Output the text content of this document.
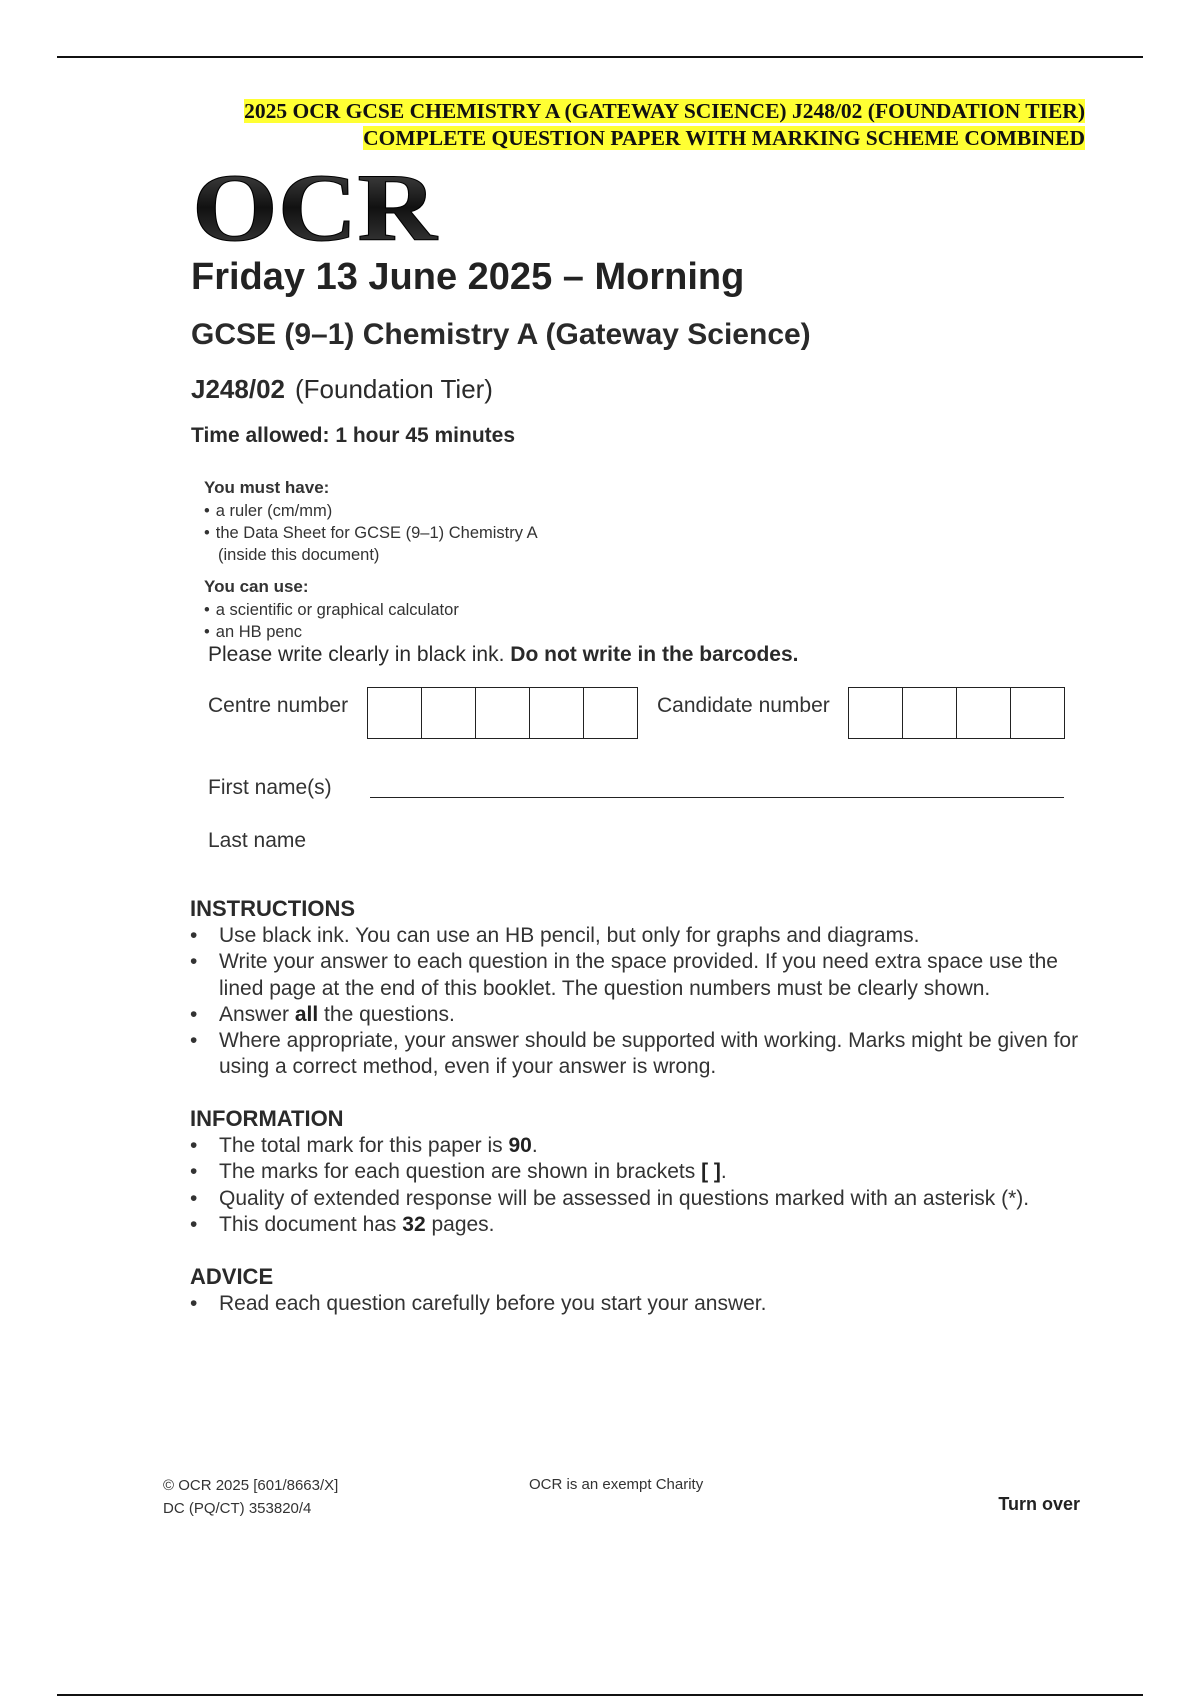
2025 OCR GCSE CHEMISTRY A (GATEWAY SCIENCE) J248/02 (FOUNDATION TIER)
COMPLETE QUESTION PAPER WITH MARKING SCHEME COMBINED
OCR
Friday 13 June 2025 – Morning
GCSE (9–1) Chemistry A (Gateway Science)
J248/02 (Foundation Tier)
Time allowed: 1 hour 45 minutes
You must have:
• a ruler (cm/mm)
• the Data Sheet for GCSE (9–1) Chemistry A
(inside this document)
You can use:
• a scientific or graphical calculator
• an HB penc
Please write clearly in black ink. Do not write in the barcodes.
Centre number	Candidate number
First name(s)
Last name
INSTRUCTIONS
• Use black ink. You can use an HB pencil, but only for graphs and diagrams.
• Write your answer to each question in the space provided. If you need extra space use the lined page at the end of this booklet. The question numbers must be clearly shown.
• Answer all the questions.
• Where appropriate, your answer should be supported with working. Marks might be given for using a correct method, even if your answer is wrong.
INFORMATION
• The total mark for this paper is 90.
• The marks for each question are shown in brackets [ ].
• Quality of extended response will be assessed in questions marked with an asterisk (*).
• This document has 32 pages.
ADVICE
• Read each question carefully before you start your answer.
© OCR 2025 [601/8663/X]
DC (PQ/CT) 353820/4
OCR is an exempt Charity
Turn over
